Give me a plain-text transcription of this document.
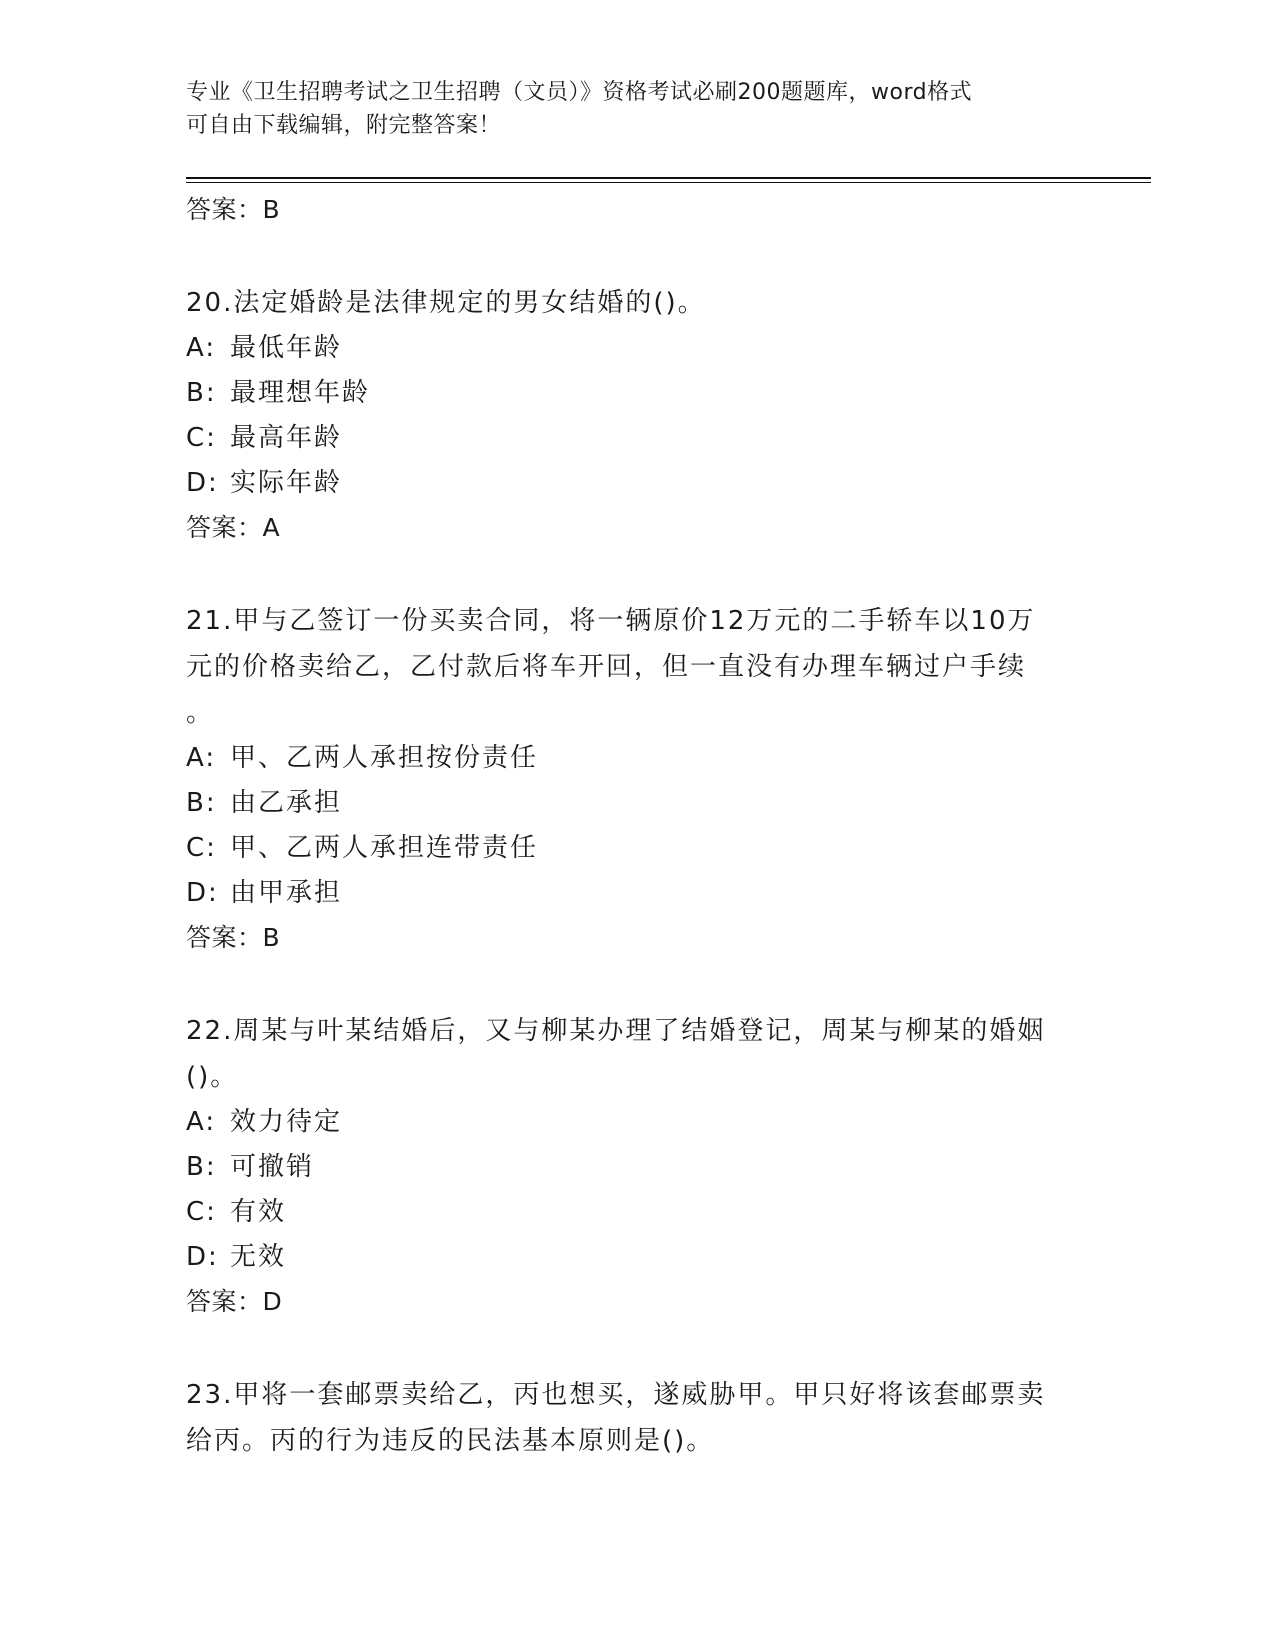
专业《卫生招聘考试之卫生招聘（文员）》资格考试必刷200题题库，word格式
可自由下载编辑，附完整答案！
答案：B
20.法定婚龄是法律规定的男女结婚的()。
A: 最低年龄
B: 最理想年龄
C: 最高年龄
D: 实际年龄
答案：A
21.甲与乙签订一份买卖合同，将一辆原价12万元的二手轿车以10万
元的价格卖给乙，乙付款后将车开回，但一直没有办理车辆过户手续
。
A: 甲、乙两人承担按份责任
B: 由乙承担
C: 甲、乙两人承担连带责任
D: 由甲承担
答案：B
22.周某与叶某结婚后，又与柳某办理了结婚登记，周某与柳某的婚姻
()。
A: 效力待定
B: 可撤销
C: 有效
D: 无效
答案：D
23.甲将一套邮票卖给乙，丙也想买，遂威胁甲。甲只好将该套邮票卖
给丙。丙的行为违反的民法基本原则是()。
